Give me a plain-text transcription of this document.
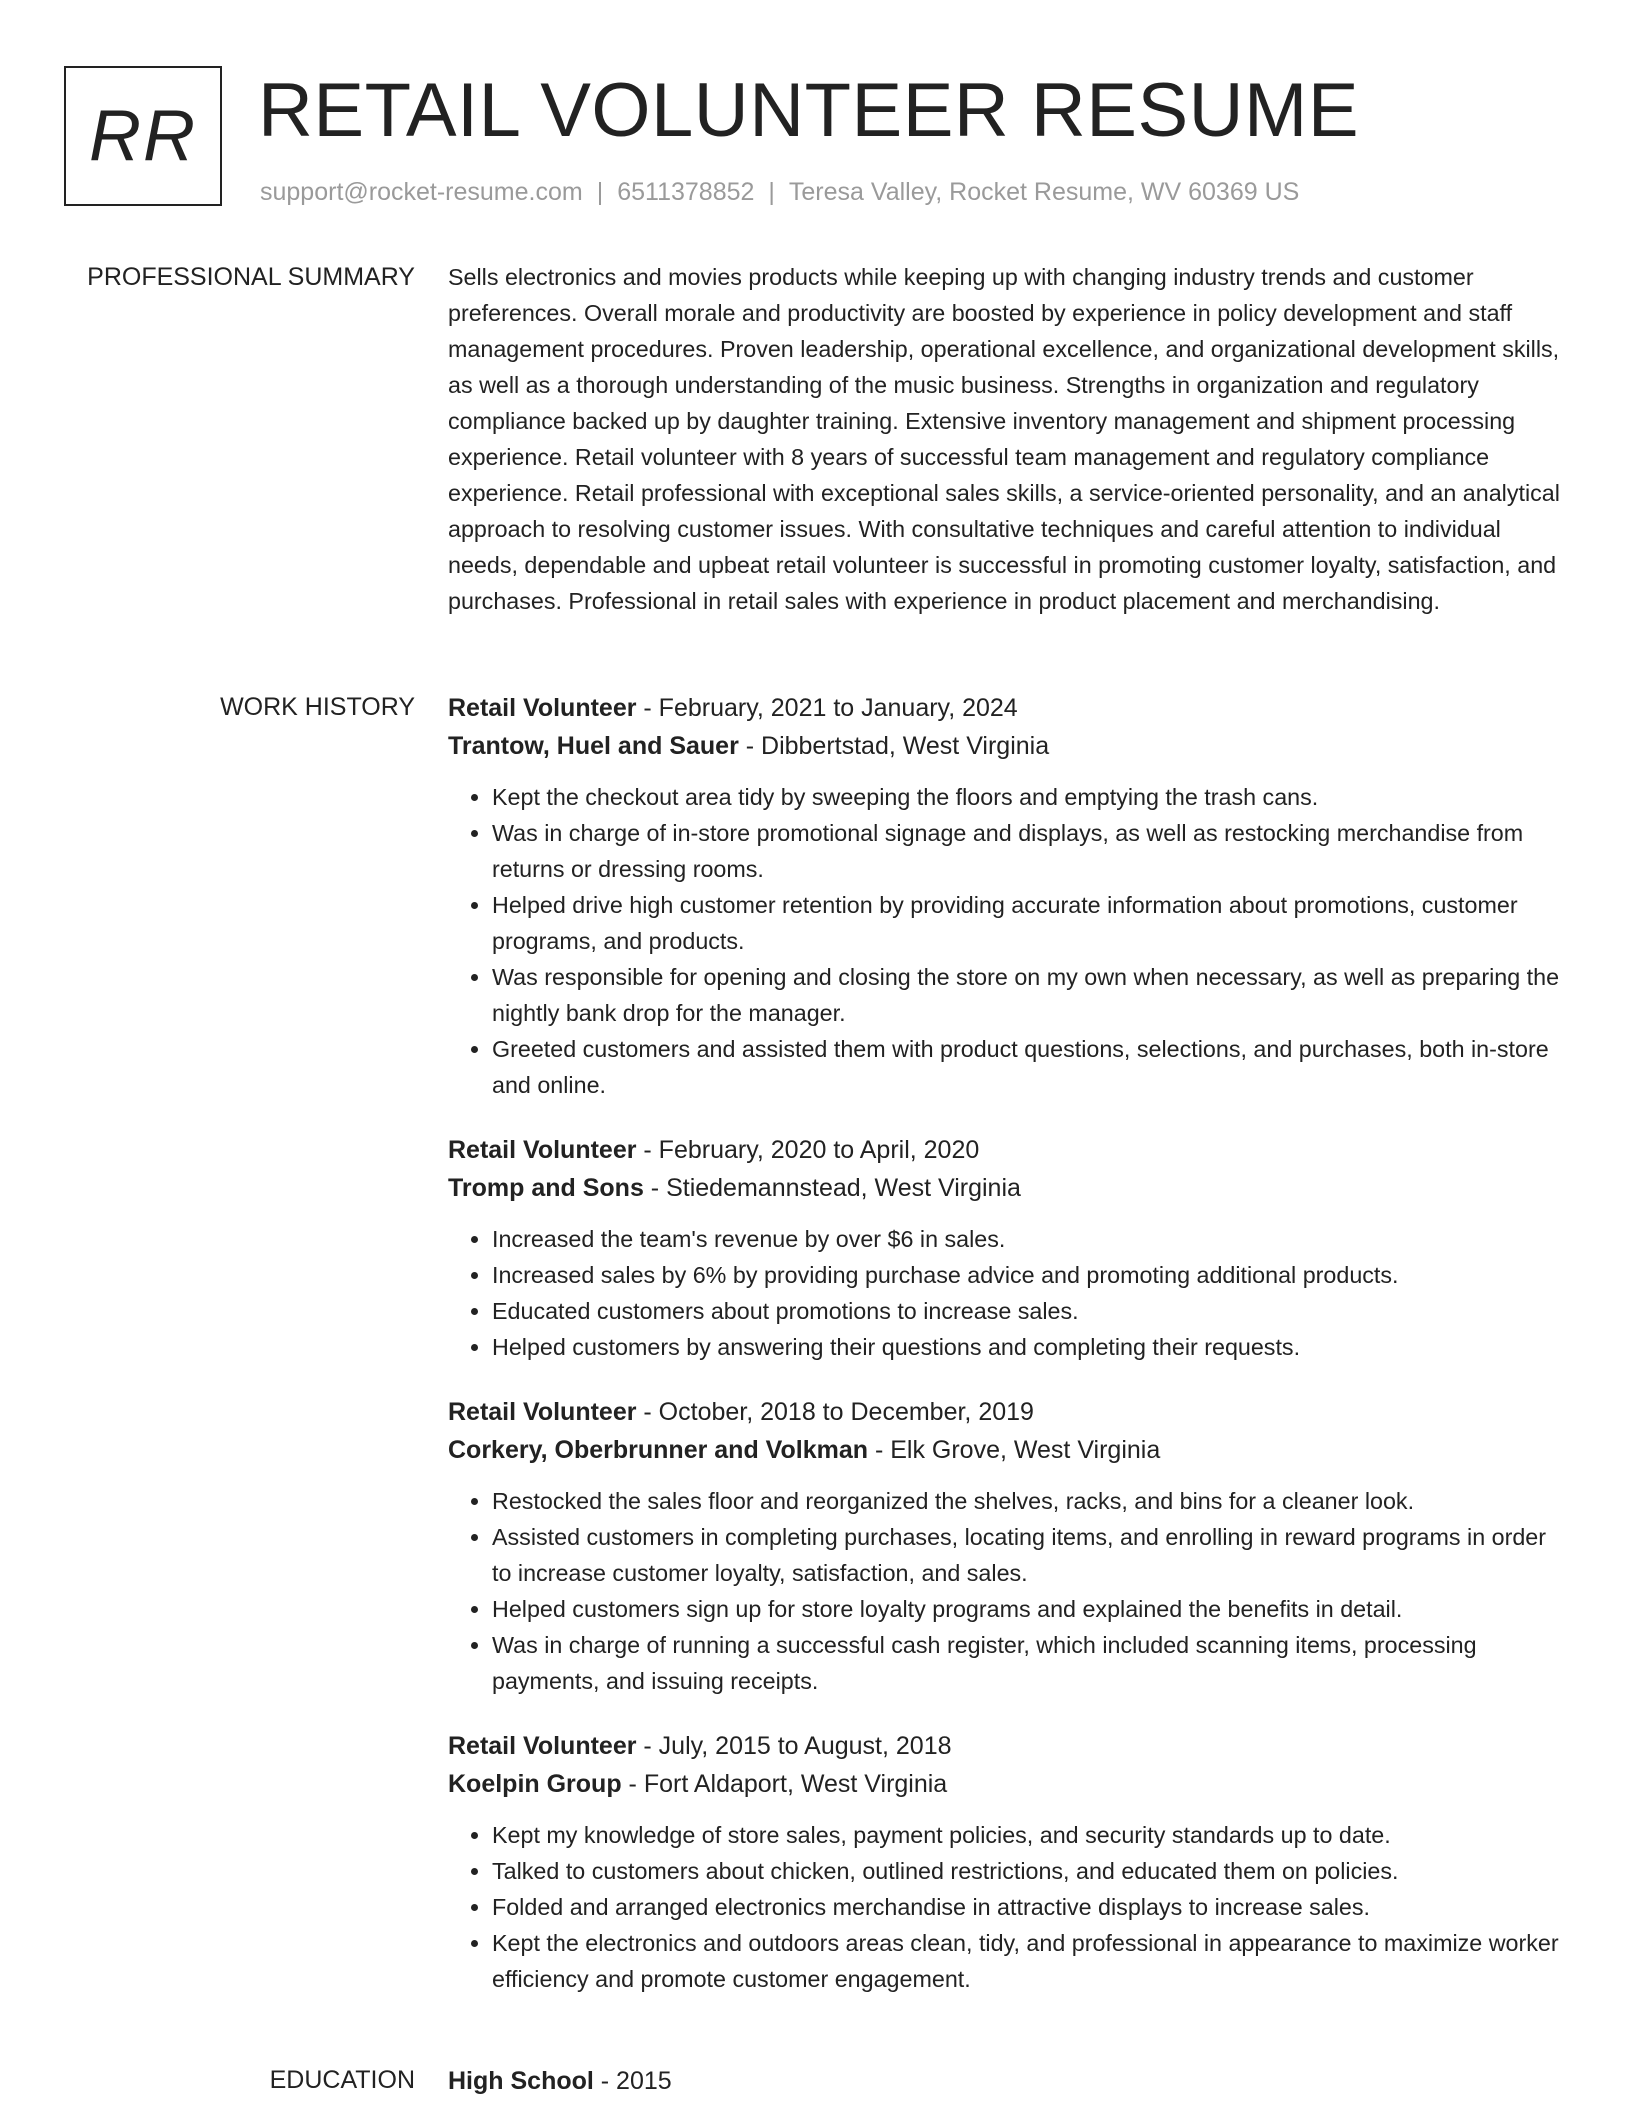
RR RETAIL VOLUNTEER RESUME
support@rocket-resume.com | 6511378852 | Teresa Valley, Rocket Resume, WV 60369 US
PROFESSIONAL SUMMARY Sells electronics and movies products while keeping up with changing industry trends and customer preferences. Overall morale and productivity are boosted by experience in policy development and staff management procedures. Proven leadership, operational excellence, and organizational development skills, as well as a thorough understanding of the music business. Strengths in organization and regulatory compliance backed up by daughter training. Extensive inventory management and shipment processing experience. Retail volunteer with 8 years of successful team management and regulatory compliance experience. Retail professional with exceptional sales skills, a service-oriented personality, and an analytical approach to resolving customer issues. With consultative techniques and careful attention to individual needs, dependable and upbeat retail volunteer is successful in promoting customer loyalty, satisfaction, and purchases. Professional in retail sales with experience in product placement and merchandising.

WORK HISTORY Retail Volunteer - February, 2021 to January, 2024
Trantow, Huel and Sauer - Dibbertstad, West Virginia
• Kept the checkout area tidy by sweeping the floors and emptying the trash cans.
• Was in charge of in-store promotional signage and displays, as well as restocking merchandise from returns or dressing rooms.
• Helped drive high customer retention by providing accurate information about promotions, customer programs, and products.
• Was responsible for opening and closing the store on my own when necessary, as well as preparing the nightly bank drop for the manager.
• Greeted customers and assisted them with product questions, selections, and purchases, both in-store and online.
Retail Volunteer - February, 2020 to April, 2020
Tromp and Sons - Stiedemannstead, West Virginia
• Increased the team's revenue by over $6 in sales.
• Increased sales by 6% by providing purchase advice and promoting additional products.
• Educated customers about promotions to increase sales.
• Helped customers by answering their questions and completing their requests.
Retail Volunteer - October, 2018 to December, 2019
Corkery, Oberbrunner and Volkman - Elk Grove, West Virginia
• Restocked the sales floor and reorganized the shelves, racks, and bins for a cleaner look.
• Assisted customers in completing purchases, locating items, and enrolling in reward programs in order to increase customer loyalty, satisfaction, and sales.
• Helped customers sign up for store loyalty programs and explained the benefits in detail.
• Was in charge of running a successful cash register, which included scanning items, processing payments, and issuing receipts.
Retail Volunteer - July, 2015 to August, 2018
Koelpin Group - Fort Aldaport, West Virginia
• Kept my knowledge of store sales, payment policies, and security standards up to date.
• Talked to customers about chicken, outlined restrictions, and educated them on policies.
• Folded and arranged electronics merchandise in attractive displays to increase sales.
• Kept the electronics and outdoors areas clean, tidy, and professional in appearance to maximize worker efficiency and promote customer engagement.
EDUCATION High School - 2015
